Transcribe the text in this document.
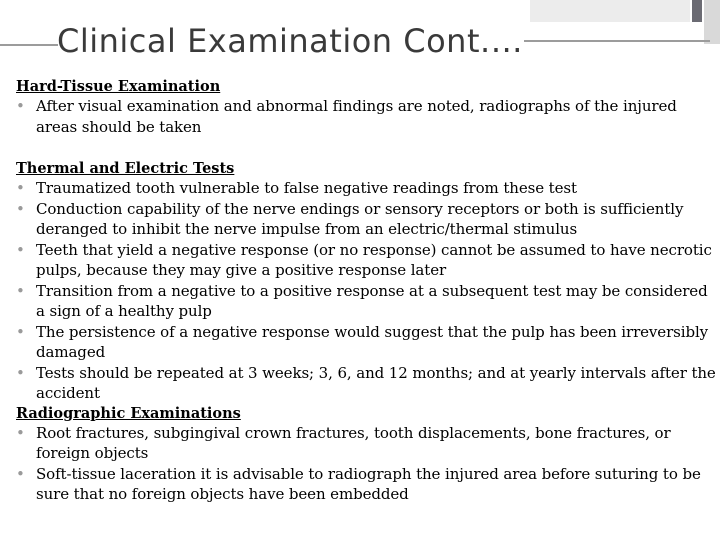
Clinical Examination Cont.…
Hard-Tissue Examination
• After visual examination and abnormal findings are noted, radiographs of the injured areas should be taken
Thermal and Electric Tests
• Traumatized tooth vulnerable to false negative readings from these test
• Conduction capability of the nerve endings or sensory receptors or both is sufficiently deranged to inhibit the nerve impulse from an electric/thermal stimulus
• Teeth that yield a negative response (or no response) cannot be assumed to have necrotic pulps, because they may give a positive response later
• Transition from a negative to a positive response at a subsequent test may be considered a sign of a healthy pulp
• The persistence of a negative response would suggest that the pulp has been irreversibly damaged
• Tests should be repeated at 3 weeks; 3, 6, and 12 months; and at yearly intervals after the accident
Radiographic Examinations
• Root fractures, subgingival crown fractures, tooth displacements, bone fractures, or foreign objects
• Soft-tissue laceration it is advisable to radiograph the injured area before suturing to be sure that no foreign objects have been embedded
